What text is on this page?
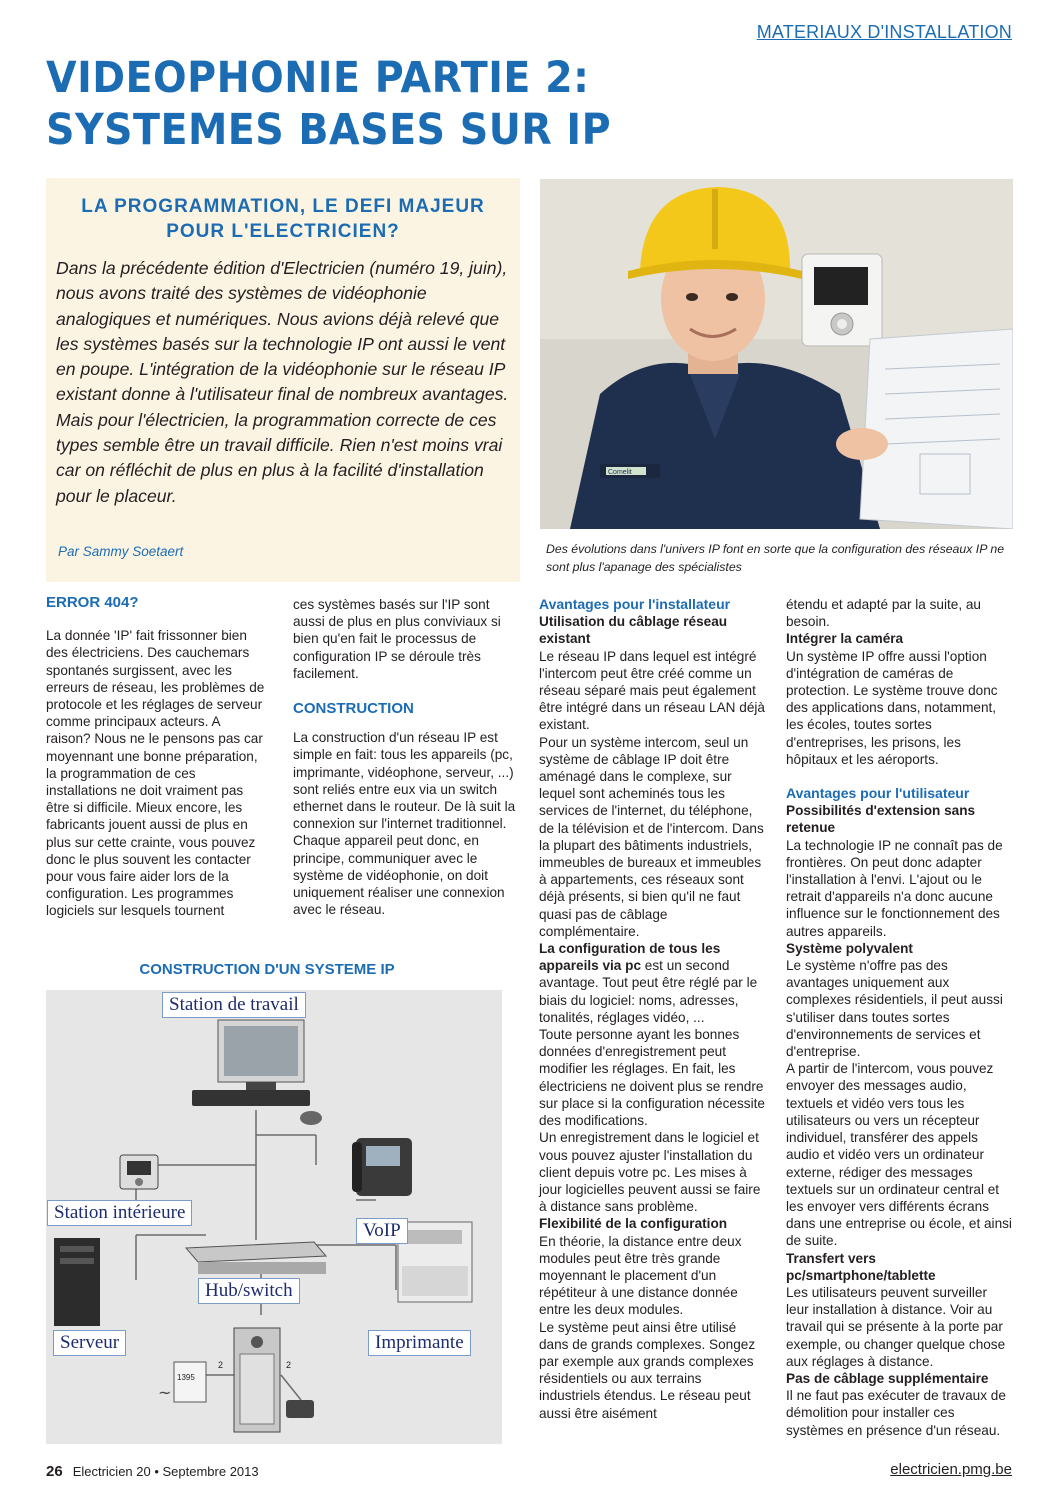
MATERIAUX D'INSTALLATION
VIDEOPHONIE PARTIE 2:
SYSTEMES BASES SUR IP
LA PROGRAMMATION, LE DEFI MAJEUR
POUR L'ELECTRICIEN?
Dans la précédente édition d'Electricien (numéro 19, juin), nous avons traité des systèmes de vidéophonie analogiques et numériques. Nous avions déjà relevé que les systèmes basés sur la technologie IP ont aussi le vent en poupe. L'intégration de la vidéophonie sur le réseau IP existant donne à l'utilisateur final de nombreux avantages. Mais pour l'électricien, la programmation correcte de ces types semble être un travail difficile. Rien n'est moins vrai car on réfléchit de plus en plus à la facilité d'installation pour le placeur.
Par Sammy Soetaert
Comelit
Des évolutions dans l'univers IP font en sorte que la configuration des réseaux IP ne sont plus l'apanage des spécialistes

ERROR 404?

La donnée 'IP' fait frissonner bien des électriciens. Des cauchemars spontanés surgissent, avec les erreurs de réseau, les problèmes de protocole et les réglages de serveur comme principaux acteurs. A raison? Nous ne le pensons pas car moyennant une bonne préparation, la programmation de ces installations ne doit vraiment pas être si difficile. Mieux encore, les fabricants jouent aussi de plus en plus sur cette crainte, vous pouvez donc le plus souvent les contacter pour vous faire aider lors de la configuration. Les programmes logiciels sur lesquels tournent

ces systèmes basés sur l'IP sont aussi de plus en plus conviviaux si bien qu'en fait le processus de configuration IP se déroule très facilement.

CONSTRUCTION

La construction d'un réseau IP est simple en fait: tous les appareils (pc, imprimante, vidéophone, serveur, ...) sont reliés entre eux via un switch ethernet dans le routeur. De là suit la connexion sur l'internet traditionnel.

Chaque appareil peut donc, en principe, communiquer avec le système de vidéophonie, on doit uniquement réaliser une connexion avec le réseau.

CONSTRUCTION D'UN SYSTEME IP
~
1395
2	2
Station de travail
Station intérieure
VoIP
Hub/switch
Serveur	Imprimante

Avantages pour l'installateur

Utilisation du câblage réseau existant

Le réseau IP dans lequel est intégré l'intercom peut être créé comme un réseau séparé mais peut également être intégré dans un réseau LAN déjà existant.

Pour un système intercom, seul un système de câblage IP doit être aménagé dans le complexe, sur lequel sont acheminés tous les services de l'internet, du téléphone, de la télévision et de l'intercom. Dans la plupart des bâtiments industriels, immeubles de bureaux et immeubles à appartements, ces réseaux sont déjà présents, si bien qu'il ne faut quasi pas de câblage complémentaire.

La configuration de tous les appareils via pc est un second avantage. Tout peut être réglé par le biais du logiciel: noms, adresses, tonalités, réglages vidéo, ...

Toute personne ayant les bonnes données d'enregistrement peut modifier les réglages. En fait, les électriciens ne doivent plus se rendre sur place si la configuration nécessite des modifications.

Un enregistrement dans le logiciel et vous pouvez ajuster l'installation du client depuis votre pc. Les mises à jour logicielles peuvent aussi se faire à distance sans problème.

Flexibilité de la configuration

En théorie, la distance entre deux modules peut être très grande moyennant le placement d'un répétiteur à une distance donnée entre les deux modules.

Le système peut ainsi être utilisé dans de grands complexes. Songez par exemple aux grands complexes résidentiels ou aux terrains industriels étendus. Le réseau peut aussi être aisément

étendu et adapté par la suite, au besoin.

Intégrer la caméra

Un système IP offre aussi l'option d'intégration de caméras de protection. Le système trouve donc des applications dans, notamment, les écoles, toutes sortes d'entreprises, les prisons, les hôpitaux et les aéroports.

Avantages pour l'utilisateur

Possibilités d'extension sans retenue

La technologie IP ne connaît pas de frontières. On peut donc adapter l'installation à l'envi. L'ajout ou le retrait d'appareils n'a donc aucune influence sur le fonctionnement des autres appareils.

Système polyvalent

Le système n'offre pas des avantages uniquement aux complexes résidentiels, il peut aussi s'utiliser dans toutes sortes d'environnements de services et d'entreprise.

A partir de l'intercom, vous pouvez envoyer des messages audio, textuels et vidéo vers tous les utilisateurs ou vers un récepteur individuel, transférer des appels audio et vidéo vers un ordinateur externe, rédiger des messages textuels sur un ordinateur central et les envoyer vers différents écrans dans une entreprise ou école, et ainsi de suite.

Transfert vers pc/smartphone/tablette

Les utilisateurs peuvent surveiller leur installation à distance. Voir au travail qui se présente à la porte par exemple, ou changer quelque chose aux réglages à distance.

Pas de câblage supplémentaire

Il ne faut pas exécuter de travaux de démolition pour installer ces systèmes en présence d'un réseau.

26 Electricien 20 • Septembre 2013	electricien.pmg.be
